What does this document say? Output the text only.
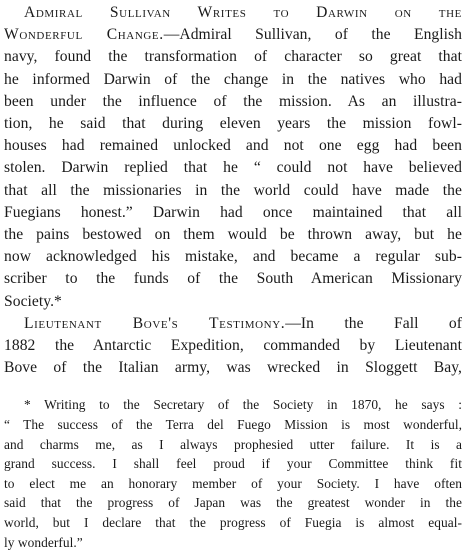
Admiral Sullivan Writes to Darwin on the
Wonderful Change.—Admiral Sullivan, of the English
navy, found the transformation of character so great that
he informed Darwin of the change in the natives who had
been under the influence of the mission. As an illustra-
tion, he said that during eleven years the mission fowl-
houses had remained unlocked and not one egg had been
stolen. Darwin replied that he “ could not have believed
that all the missionaries in the world could have made the
Fuegians honest.” Darwin had once maintained that all
the pains bestowed on them would be thrown away, but he
now acknowledged his mistake, and became a regular sub-
scriber to the funds of the South American Missionary
Society.*
Lieutenant Bove's Testimony.—In the Fall of
1882 the Antarctic Expedition, commanded by Lieutenant
Bove of the Italian army, was wrecked in Sloggett Bay,
* Writing to the Secretary of the Society in 1870, he says :
“ The success of the Terra del Fuego Mission is most wonderful,
and charms me, as I always prophesied utter failure. It is a
grand success. I shall feel proud if your Committee think fit
to elect me an honorary member of your Society. I have often
said that the progress of Japan was the greatest wonder in the
world, but I declare that the progress of Fuegia is almost equal-
ly wonderful.”
